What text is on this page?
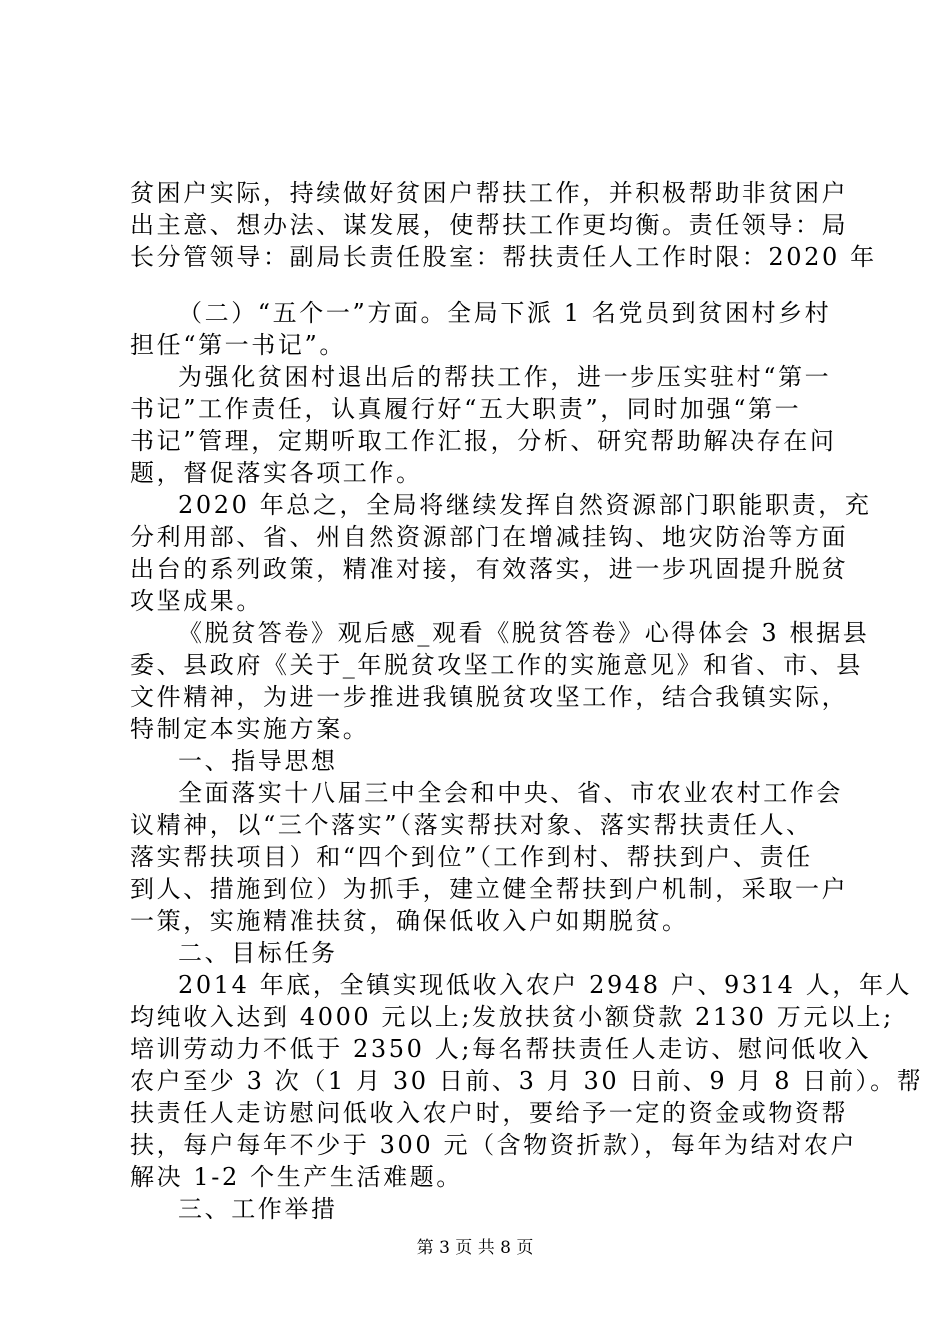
贫困户实际，持续做好贫困户帮扶工作，并积极帮助非贫困户
出主意、想办法、谋发展，使帮扶工作更均衡。责任领导：局
长分管领导：副局长责任股室：帮扶责任人工作时限：2020 年
（二）“五个一”方面。全局下派 1 名党员到贫困村乡村
担任“第一书记”。
为强化贫困村退出后的帮扶工作，进一步压实驻村“第一
书记”工作责任，认真履行好“五大职责”，同时加强“第一
书记”管理，定期听取工作汇报，分析、研究帮助解决存在问
题，督促落实各项工作。
2020 年总之，全局将继续发挥自然资源部门职能职责，充
分利用部、省、州自然资源部门在增减挂钩、地灾防治等方面
出台的系列政策，精准对接，有效落实，进一步巩固提升脱贫
攻坚成果。
《脱贫答卷》观后感_观看《脱贫答卷》心得体会 3 根据县
委、县政府《关于_年脱贫攻坚工作的实施意见》和省、市、县
文件精神，为进一步推进我镇脱贫攻坚工作，结合我镇实际，
特制定本实施方案。
一、指导思想
全面落实十八届三中全会和中央、省、市农业农村工作会
议精神，以“三个落实”（落实帮扶对象、落实帮扶责任人、
落实帮扶项目）和“四个到位”（工作到村、帮扶到户、责任
到人、措施到位）为抓手，建立健全帮扶到户机制，采取一户
一策，实施精准扶贫，确保低收入户如期脱贫。
二、目标任务
2014 年底，全镇实现低收入农户 2948 户、9314 人，年人
均纯收入达到 4000 元以上;发放扶贫小额贷款 2130 万元以上;
培训劳动力不低于 2350 人;每名帮扶责任人走访、慰问低收入
农户至少 3 次（1 月 30 日前、3 月 30 日前、9 月 8 日前）。帮
扶责任人走访慰问低收入农户时，要给予一定的资金或物资帮
扶，每户每年不少于 300 元（含物资折款），每年为结对农户
解决 1-2 个生产生活难题。
三、工作举措
第 3 页 共 8 页
